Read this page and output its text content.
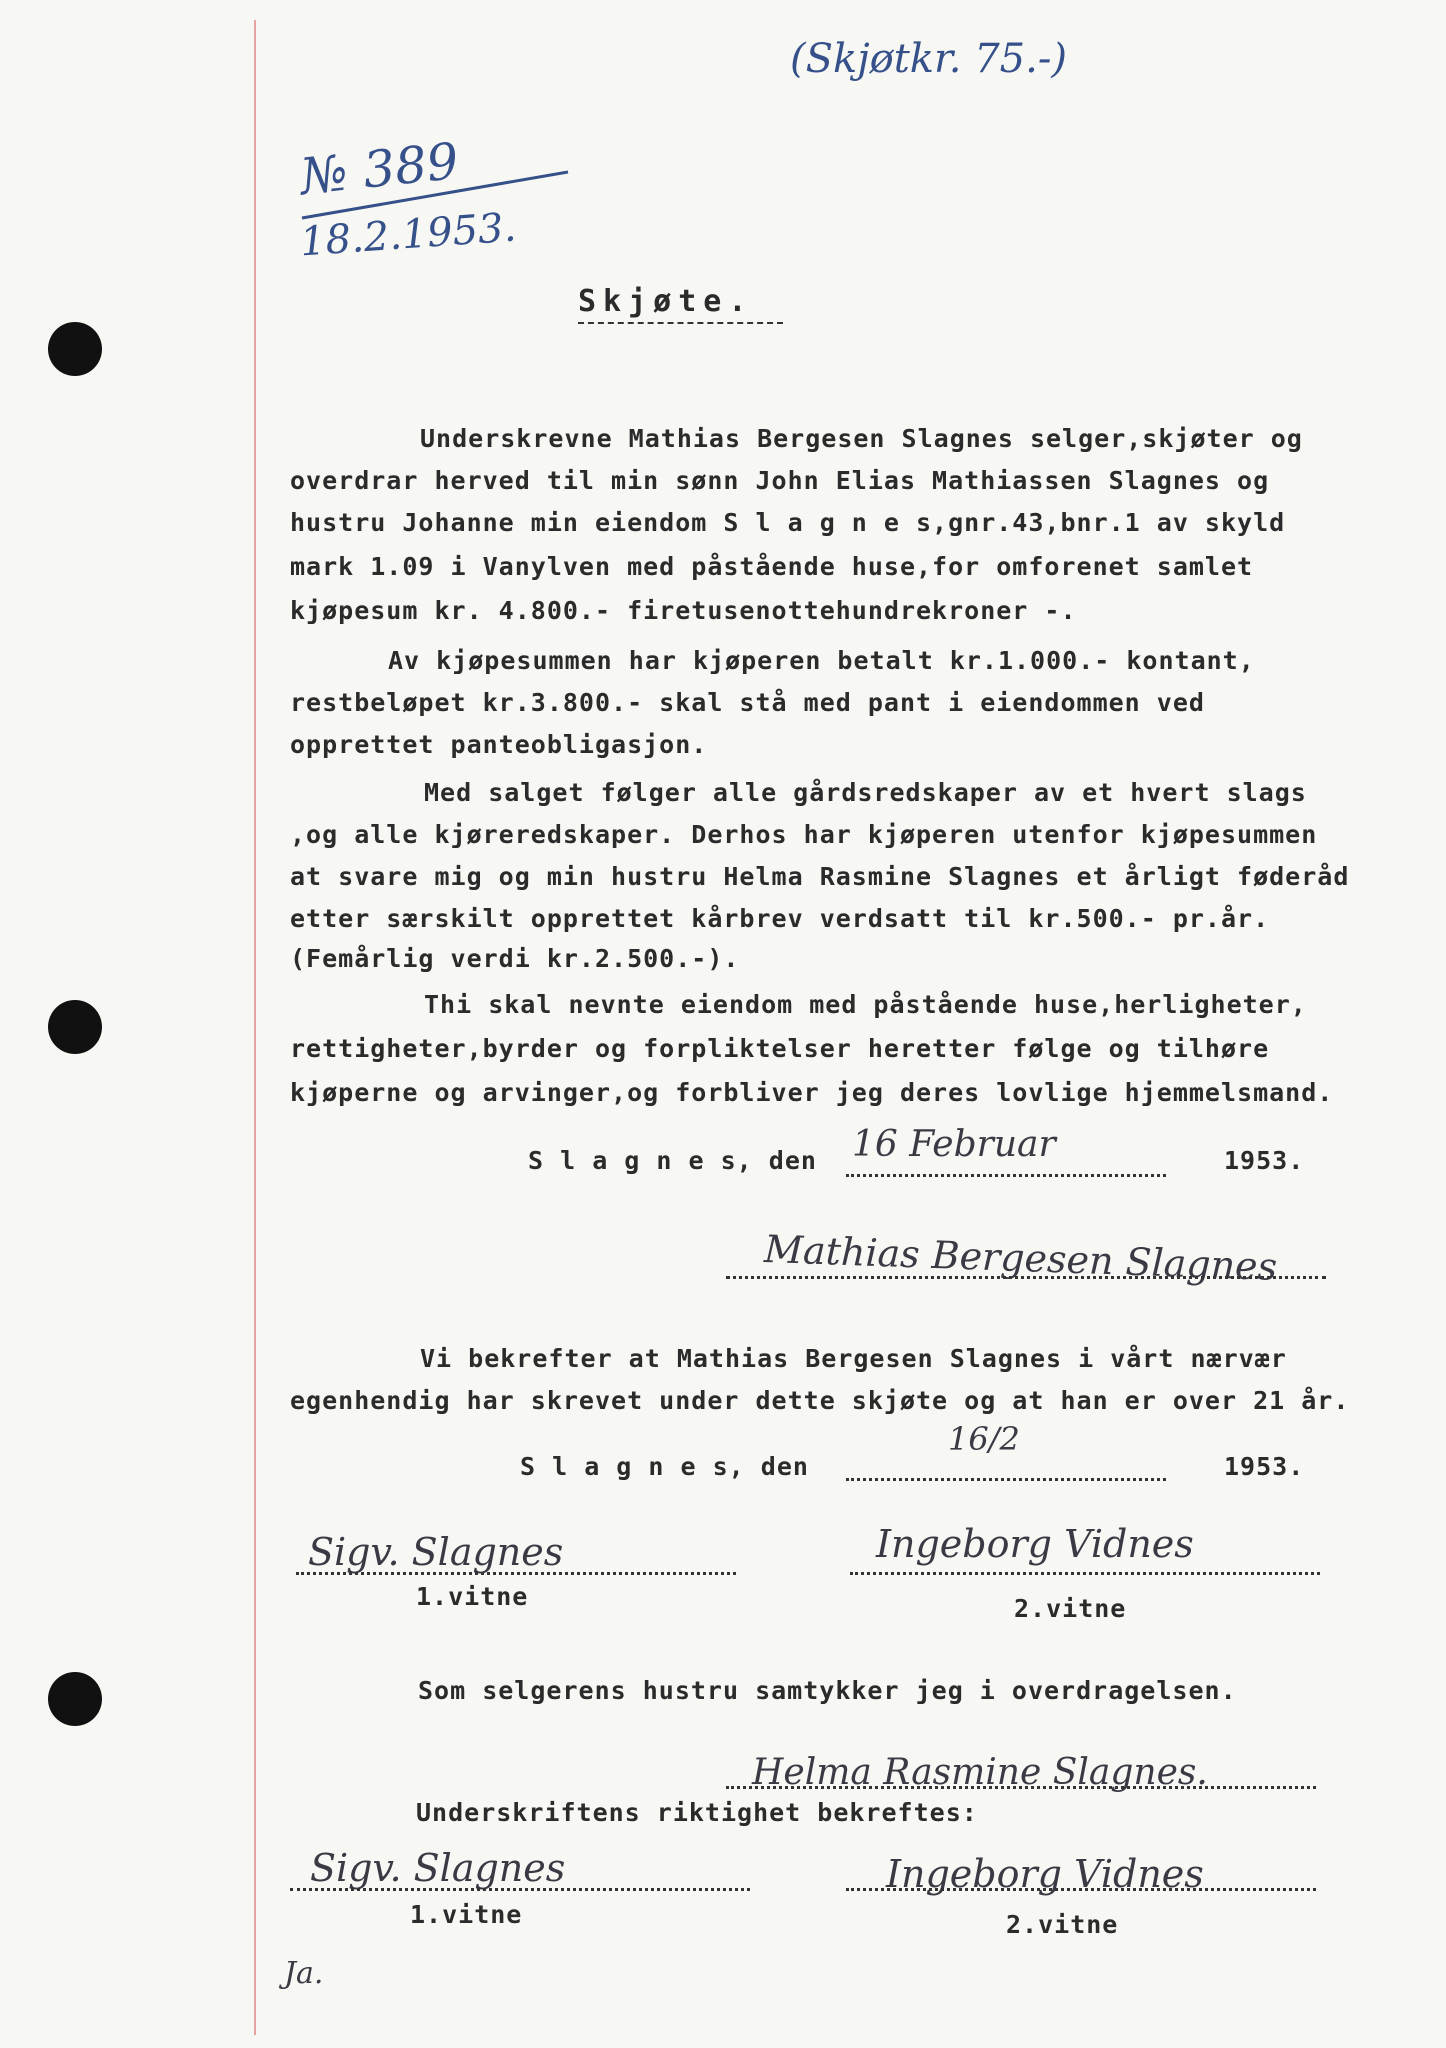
(Skjøtkr. 75.-)
№ 389
18.2.1953.
Skjøte.
Underskrevne Mathias Bergesen Slagnes selger,skjøter og
overdrar herved til min sønn John Elias Mathiassen Slagnes og
hustru Johanne min eiendom S l a g n e s,gnr.43,bnr.1 av skyld
mark 1.09 i Vanylven med påstående huse,for omforenet samlet
kjøpesum kr. 4.800.- firetusenottehundrekroner -.
Av kjøpesummen har kjøperen betalt kr.1.000.- kontant,
restbeløpet kr.3.800.- skal stå med pant i eiendommen ved
opprettet panteobligasjon.
Med salget følger alle gårdsredskaper av et hvert slags
,og alle kjøreredskaper. Derhos har kjøperen utenfor kjøpesummen
at svare mig og min hustru Helma Rasmine Slagnes et årligt føderåd
etter særskilt opprettet kårbrev verdsatt til kr.500.- pr.år.
(Femårlig verdi kr.2.500.-).
Thi skal nevnte eiendom med påstående huse,herligheter,
rettigheter,byrder og forpliktelser heretter følge og tilhøre
kjøperne og arvinger,og forbliver jeg deres lovlige hjemmelsmand.
S l a g n e s, den 16 Februar	1953.
Mathias Bergesen Slagnes
Vi bekrefter at Mathias Bergesen Slagnes i vårt nærvær
egenhendig har skrevet under dette skjøte og at han er over 21 år.
S l a g n e s, den
16/2
1953.
Sigv. Slagnes
1.vitne
Ingeborg Vidnes
2.vitne
Som selgerens hustru samtykker jeg i overdragelsen.
Helma Rasmine Slagnes.
Underskriftens riktighet bekreftes:
Sigv. Slagnes
1.vitne
Ingeborg Vidnes
2.vitne
Ja.
